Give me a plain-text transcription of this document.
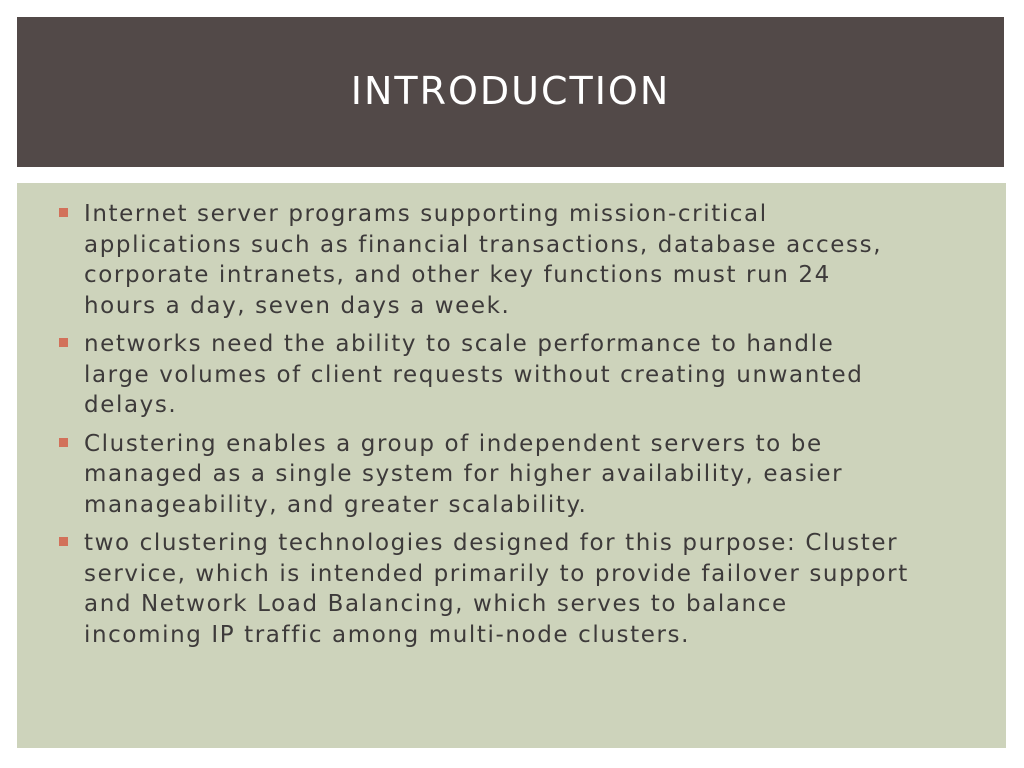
INTRODUCTION
Internet server programs supporting mission-critical
applications such as financial transactions, database access,
corporate intranets, and other key functions must run 24
hours a day, seven days a week.
networks need the ability to scale performance to handle
large volumes of client requests without creating unwanted
delays.
Clustering enables a group of independent servers to be
managed as a single system for higher availability, easier
manageability, and greater scalability.
two clustering technologies designed for this purpose: Cluster
service, which is intended primarily to provide failover support
and Network Load Balancing, which serves to balance
incoming IP traffic among multi-node clusters.
